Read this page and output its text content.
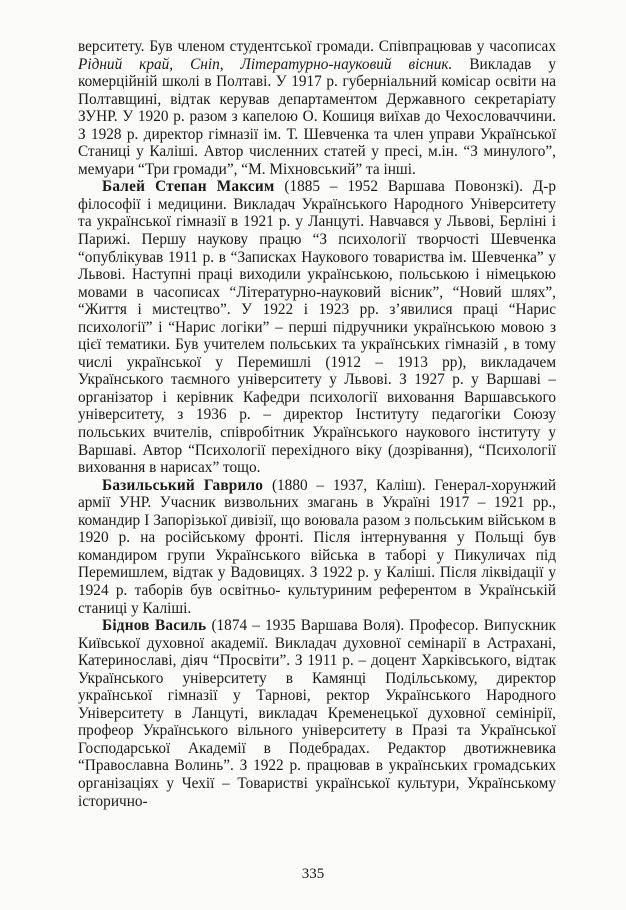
верситету. Був членом студентської громади. Співпрацював у часописах Рідний край, Сніп, Літературно-науковий вісник. Викладав у комерційній школі в Полтаві. У 1917 р. губерніальний комісар освіти на Полтавщині, відтак керував департаментом Державного секретаріату ЗУНР. У 1920 р. разом з капелою О. Кошиця виїхав до Чехословаччини. З 1928 р. директор гімназії ім. Т. Шевченка та член управи Української Станиці у Каліші. Автор численних статей у пресі, м.ін. “З минулого”, мемуари “Три громади”, “М. Міхновський” та інші.

Балей Степан Максим (1885 – 1952 Варшава Повонзкі). Д-р філософії і медицини. Викладач Українського Народного Університету та української гімназії в 1921 р. у Ланцуті. Навчався у Львові, Берліні і Парижі. Першу наукову працю “З психології творчості Шевченка “опублікував 1911 р. в “Записках Наукового товариства ім. Шевченка” у Львові. Наступні праці виходили українською, польською і німецькою мовами в часописах “Літературно-науковий вісник”, “Новий шлях”, “Життя і мистецтво”. У 1922 і 1923 рр. з’явилися праці “Нарис психології” і “Нарис логіки” – перші підручники українською мовою з цієї тематики. Був учителем польських та українських гімназій , в тому числі української у Перемишлі (1912 – 1913 рр), викладачем Українського таємного університету у Львові. З 1927 р. у Варшаві – організатор і керівник Кафедри психології виховання Варшавського університету, з 1936 р. – директор Інституту педагогіки Союзу польських вчителів, співробітник Українського наукового інституту у Варшаві. Автор “Психології перехідного віку (дозрівання), “Психології виховання в нарисах” тощо.

Базильський Гаврило (1880 – 1937, Каліш). Генерал-хорунжий армії УНР. Учасник визвольних змагань в Україні 1917 – 1921 рр., командир І Запорізької дивізії, що воювала разом з польським військом в 1920 р. на російському фронті. Після інтернування у Польщі був командиром групи Українського війська в таборі у Пикуличах під Перемишлем, відтак у Вадовицях. З 1922 р. у Каліші. Після ліквідації у 1924 р. таборів був освітньо- культуриним референтом в Українській станиці у Каліші.

Біднов Василь (1874 – 1935 Варшава Воля). Професор. Випускник Київської духовної академії. Викладач духовної семінарії в Астрахані, Катеринославі, діяч “Просвіти”. З 1911 р. – доцент Харківського, відтак Українського університету в Камянці Подільському, директор української гімназії у Тарнові, ректор Українського Народного Університету в Ланцуті, викладач Кременецької духовної семінірії, профеор Українського вільного університету в Празі та Української Господарської Академії в Подебрадах. Редактор двотижневика “Православна Волинь”. З 1922 р. працював в українських громадських організаціях у Чехії – Товаристві української культури, Українському історично-

335
